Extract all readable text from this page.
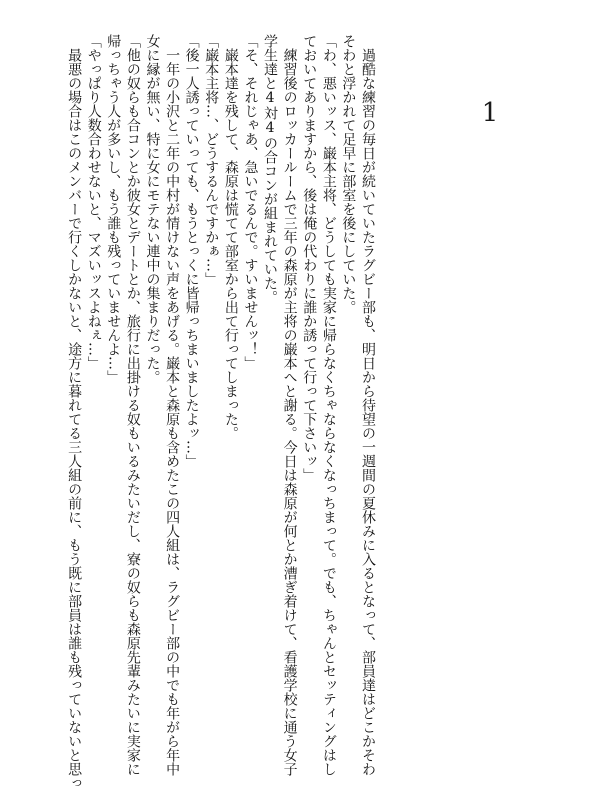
1
過酷な練習の毎日が続いていたラグビー部も、明日から待望の一週間の夏休みに入るとなって、部員達はどこかそわ
そわと浮かれて足早に部室を後にしていた。
「わ、悪いッス、巌本主将、どうしても実家に帰らなくちゃならなくなっちまって。でも、ちゃんとセッティングはし
ておいてありますから、後は俺の代わりに誰か誘って行って下さいッ」
練習後のロッカールームで三年の森原が主将の巌本へと謝る。今日は森原が何とか漕ぎ着けて、看護学校に通う女子
学生達と4対4の合コンが組まれていた。
「そ、それじゃあ、急いでるんで。すいませんッ！」
巌本達を残して、森原は慌てて部室から出て行ってしまった。
「巌本主将…、どうするんですかぁ…」
「後一人誘っていっても、もうとっくに皆帰っちまいましたよッ…」
一年の小沢と二年の中村が情けない声をあげる。巌本と森原も含めたこの四人組は、ラグビー部の中でも年がら年中
女に縁が無い、特に女にモテない連中の集まりだった。
「他の奴らも合コンとか彼女とデートとか、旅行に出掛ける奴もいるみたいだし、寮の奴らも森原先輩みたいに実家に
帰っちゃう人が多いし、もう誰も残っていませんよ…」
「やっぱり人数合わせないと、マズいッスよねぇ…」
最悪の場合はこのメンバーで行くしかないと、途方に暮れてる三人組の前に、もう既に部員は誰も残っていないと思っ
